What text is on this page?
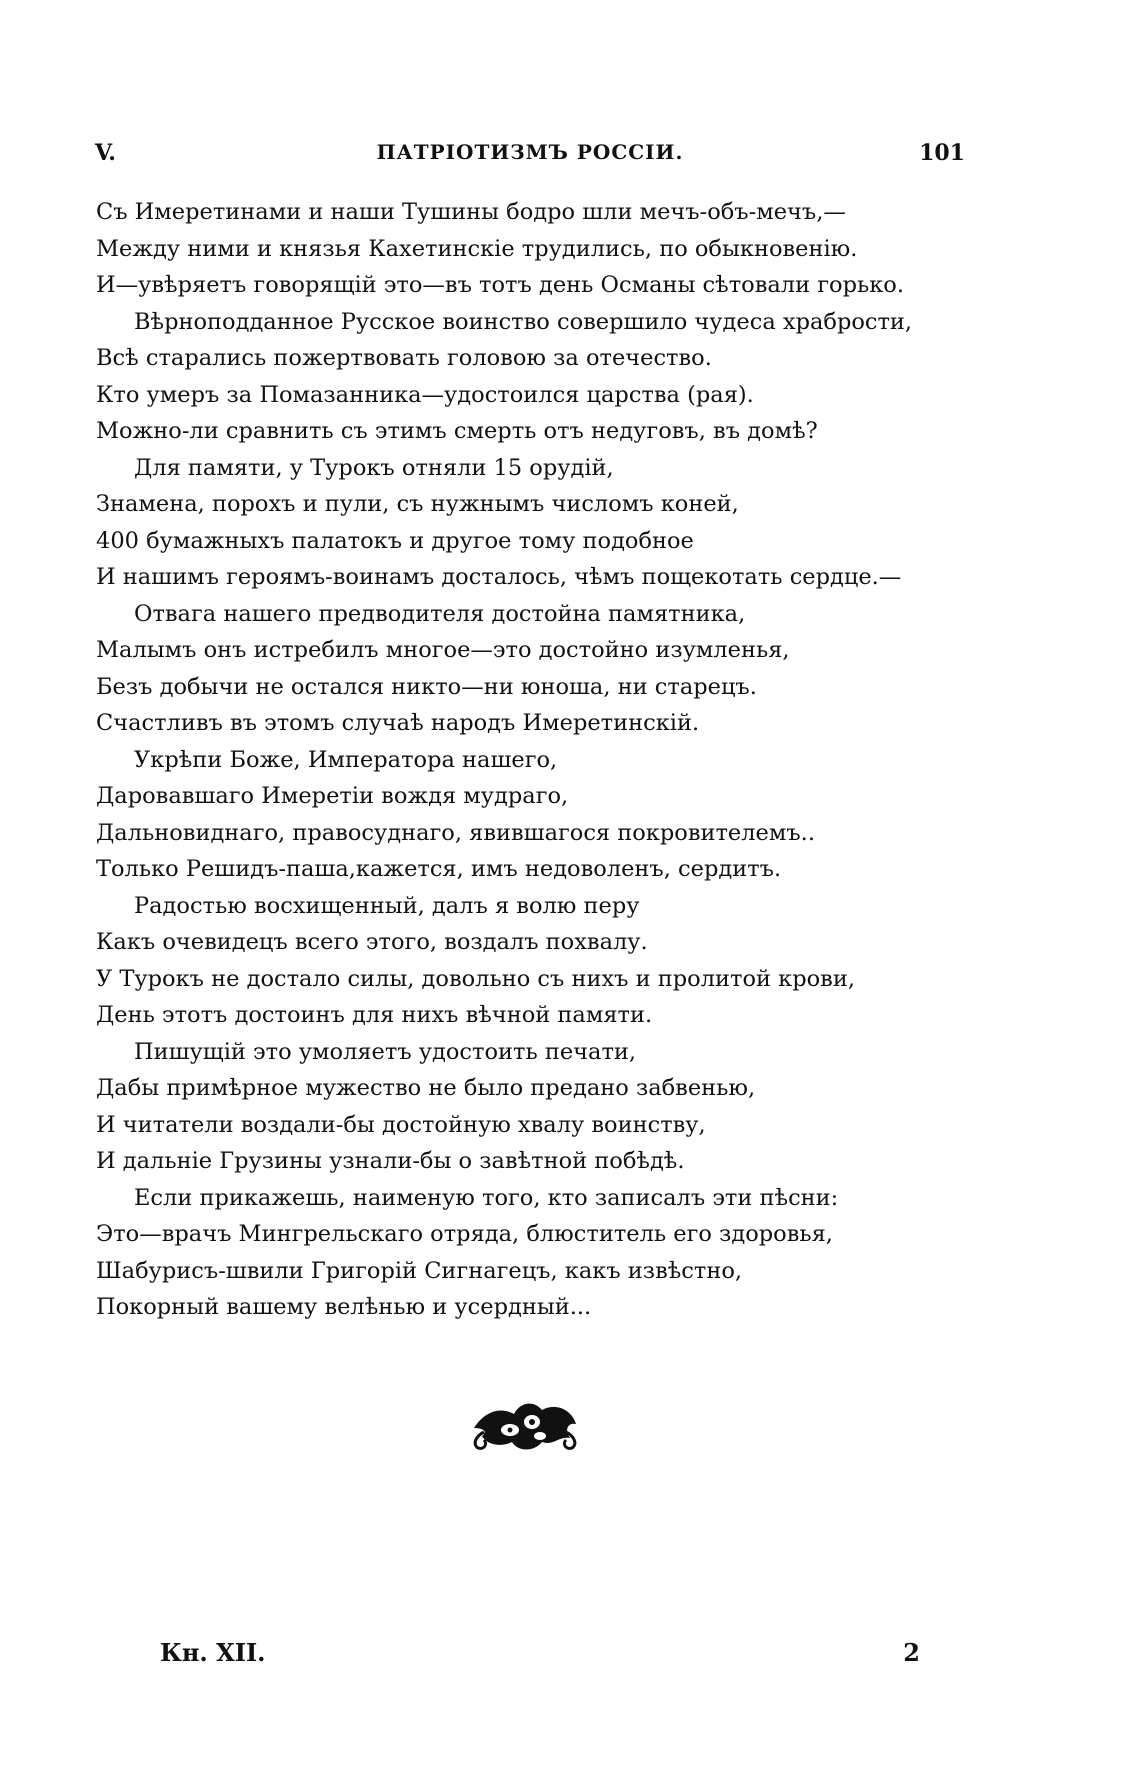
V.	ПАТРІОТИЗМЪ РОССІИ.	101
Съ Имеретинами и наши Тушины бодро шли мечъ-объ-мечъ,—
Между ними и князья Кахетинскіе трудились, по обыкновенію.
И—увѣряетъ говорящій это—въ тотъ день Османы сѣтовали горько.
Вѣрноподданное Русское воинство совершило чудеса храбрости,
Всѣ старались пожертвовать головою за отечество.
Кто умеръ за Помазанника—удостоился царства (рая).
Можно-ли сравнить съ этимъ смерть отъ недуговъ, въ домѣ?
Для памяти, у Турокъ отняли 15 орудій,
Знамена, порохъ и пули, съ нужнымъ числомъ коней,
400 бумажныхъ палатокъ и другое тому подобное
И нашимъ героямъ-воинамъ досталось, чѣмъ пощекотать сердце.—
Отвага нашего предводителя достойна памятника,
Малымъ онъ истребилъ многое—это достойно изумленья,
Безъ добычи не остался никто—ни юноша, ни старецъ.
Счастливъ въ этомъ случаѣ народъ Имеретинскій.
Укрѣпи Боже, Императора нашего,
Даровавшаго Имеретіи вождя мудраго,
Дальновиднаго, правосуднаго, явившагося покровителемъ..
Только Решидъ-паша,кажется, имъ недоволенъ, сердитъ.
Радостью восхищенный, далъ я волю перу
Какъ очевидецъ всего этого, воздалъ похвалу.
У Турокъ не достало силы, довольно съ нихъ и пролитой крови,
День этотъ достоинъ для нихъ вѣчной памяти.
Пишущій это умоляетъ удостоить печати,
Дабы примѣрное мужество не было предано забвенью,
И читатели воздали-бы достойную хвалу воинству,
И дальніе Грузины узнали-бы о завѣтной побѣдѣ.
Если прикажешь, наименую того, кто записалъ эти пѣсни:
Это—врачъ Мингрельскаго отряда, блюститель его здоровья,
Шабурисъ-швили Григорій Сигнагецъ, какъ извѣстно,
Покорный вашему велѣнью и усердный...
Кн. XII.	2
